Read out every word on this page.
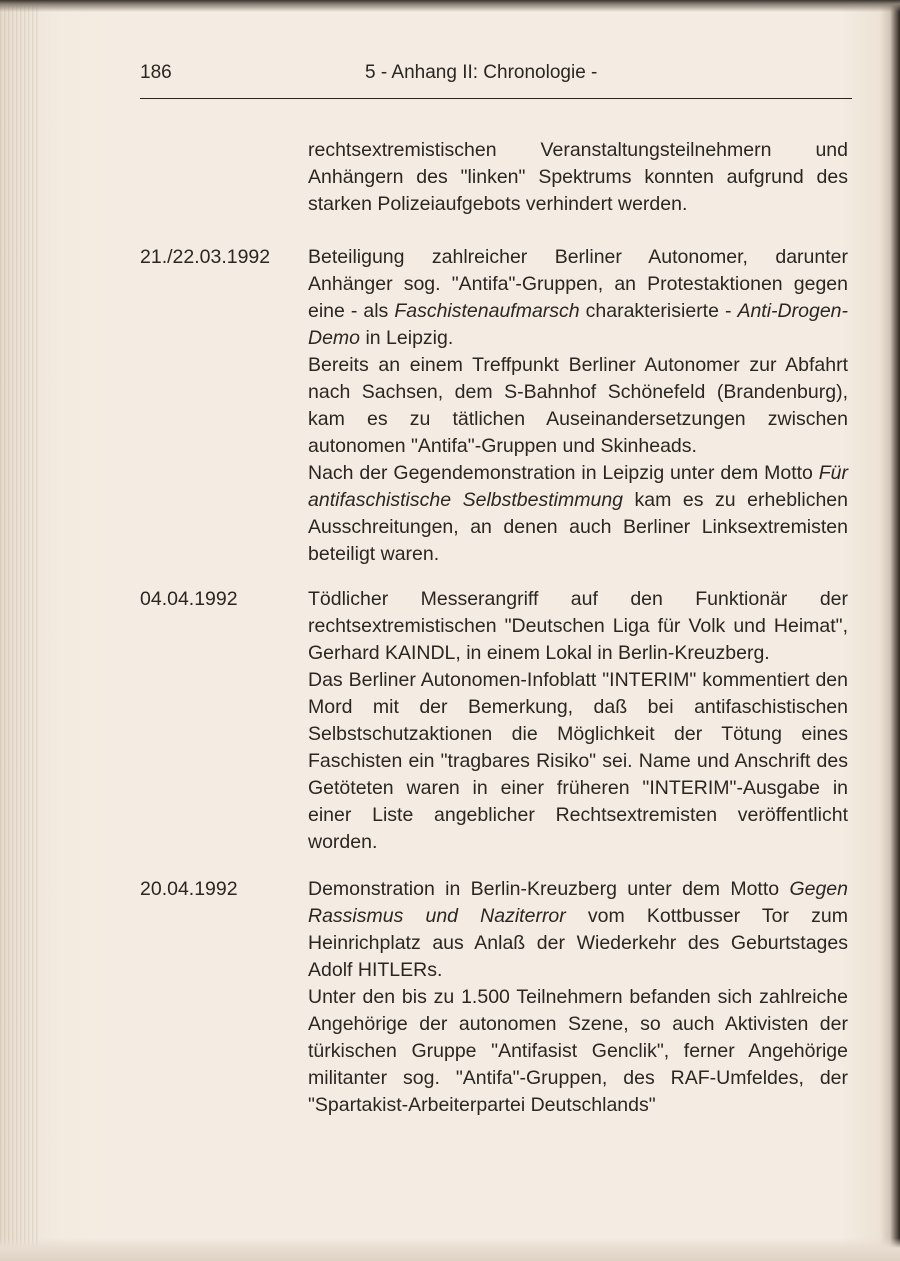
186	5 - Anhang II: Chronologie -

rechtsextremistischen Veranstaltungsteilnehmern und Anhängern des "linken" Spektrums konnten aufgrund des starken Polizeiaufgebots verhindert werden.

21./22.03.1992 Beteiligung zahlreicher Berliner Autonomer, darunter Anhänger sog. "Antifa"-Gruppen, an Protestaktionen gegen eine - als Faschistenaufmarsch charakterisierte - Anti-Drogen-Demo in Leipzig.

Bereits an einem Treffpunkt Berliner Autonomer zur Abfahrt nach Sachsen, dem S-Bahnhof Schönefeld (Brandenburg), kam es zu tätlichen Auseinandersetzungen zwischen autonomen "Antifa"-Gruppen und Skinheads.

Nach der Gegendemonstration in Leipzig unter dem Motto Für antifaschistische Selbstbestimmung kam es zu erheblichen Ausschreitungen, an denen auch Berliner Linksextremisten beteiligt waren.

04.04.1992	Tödlicher Messerangriff auf den Funktionär der rechtsextremistischen "Deutschen Liga für Volk und Heimat", Gerhard KAINDL, in einem Lokal in Berlin-Kreuzberg.

Das Berliner Autonomen-Infoblatt "INTERIM" kommentiert den Mord mit der Bemerkung, daß bei antifaschistischen Selbstschutzaktionen die Möglichkeit der Tötung eines Faschisten ein "tragbares Risiko" sei. Name und Anschrift des Getöteten waren in einer früheren "INTERIM"-Ausgabe in einer Liste angeblicher Rechtsextremisten veröffentlicht worden.

20.04.1992	Demonstration in Berlin-Kreuzberg unter dem Motto Gegen Rassismus und Naziterror vom Kottbusser Tor zum Heinrichplatz aus Anlaß der Wiederkehr des Geburtstages Adolf HITLERs.

Unter den bis zu 1.500 Teilnehmern befanden sich zahlreiche Angehörige der autonomen Szene, so auch Aktivisten der türkischen Gruppe "Antifasist Genclik", ferner Angehörige militanter sog. "Antifa"-Gruppen, des RAF-Umfeldes, der "Spartakist-Arbeiterpartei Deutschlands"
